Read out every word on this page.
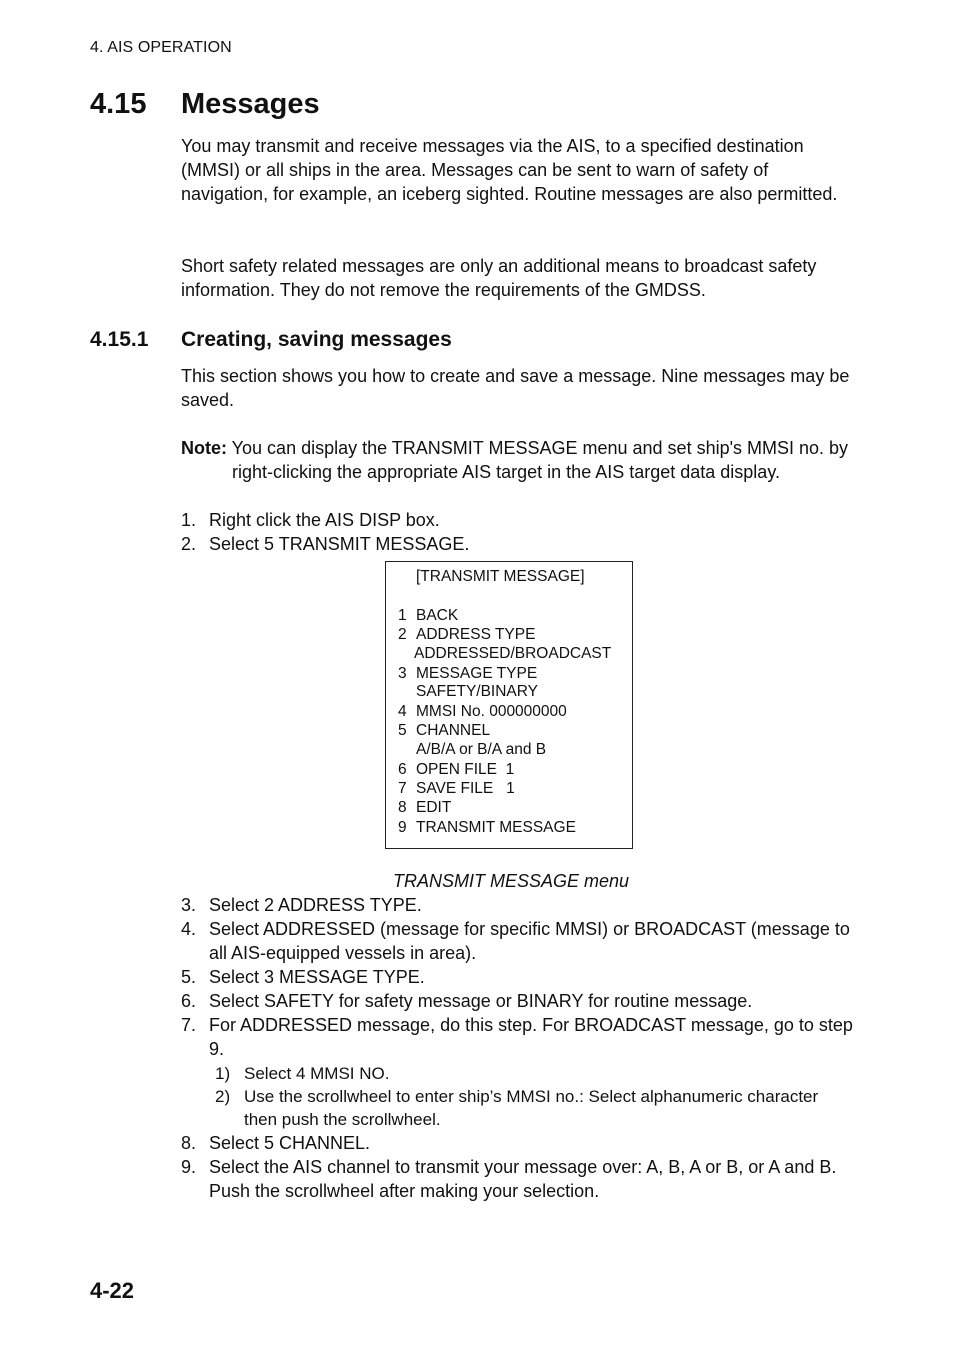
4. AIS OPERATION
4.15 Messages
You may transmit and receive messages via the AIS, to a specified destination (MMSI) or all ships in the area. Messages can be sent to warn of safety of navigation, for example, an iceberg sighted. Routine messages are also permitted.
Short safety related messages are only an additional means to broadcast safety information. They do not remove the requirements of the GMDSS.
4.15.1 Creating, saving messages
This section shows you how to create and save a message. Nine messages may be saved.
Note: You can display the TRANSMIT MESSAGE menu and set ship's MMSI no. by right-clicking the appropriate AIS target in the AIS target data display.
1. Right click the AIS DISP box.
2. Select 5 TRANSMIT MESSAGE.
[TRANSMIT MESSAGE]
1 BACK
2 ADDRESS TYPE
ADDRESSED/BROADCAST
3 MESSAGE TYPE
SAFETY/BINARY
4 MMSI No. 000000000
5 CHANNEL
A/B/A or B/A and B
6 OPEN FILE  1
7 SAVE FILE   1
8 EDIT
9 TRANSMIT MESSAGE
TRANSMIT MESSAGE menu
3. Select 2 ADDRESS TYPE.
4. Select ADDRESSED (message for specific MMSI) or BROADCAST (message to all AIS-equipped vessels in area).
5. Select 3 MESSAGE TYPE.
6. Select SAFETY for safety message or BINARY for routine message.
7. For ADDRESSED message, do this step. For BROADCAST message, go to step 9.
1) Select 4 MMSI NO.
2) Use the scrollwheel to enter ship’s MMSI no.: Select alphanumeric character then push the scrollwheel.
8. Select 5 CHANNEL.
9. Select the AIS channel to transmit your message over: A, B, A or B, or A and B. Push the scrollwheel after making your selection.
4-22
